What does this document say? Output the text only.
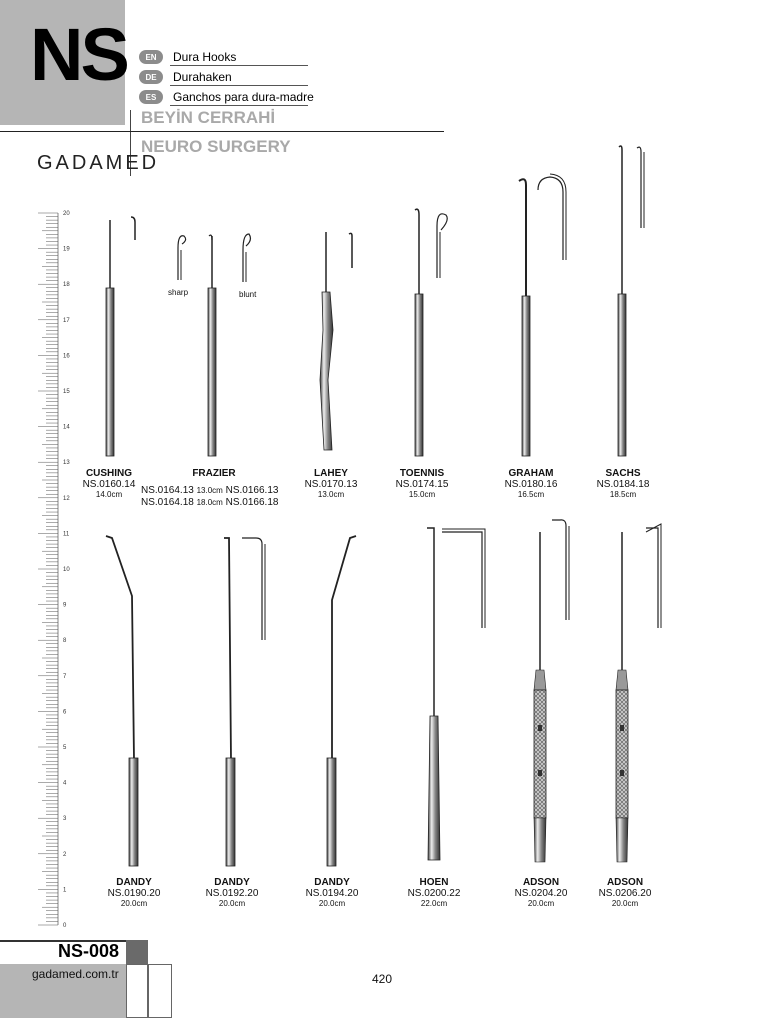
NS	EN	Dura Hooks
DE	Durahaken
ES	Ganchos para dura-madre
BEYİN CERRAHİ
NEURO SURGERY
GADAMED
20
19
18
17
16
15
14
13
12
11
10
9
8
7
6
5
4
3
2
1
0
sharp	blunt
CUSHING
NS.0160.14
14.0cm
FRAZIER
NS.0164.13 13.0cm NS.0166.13
NS.0164.18 18.0cm NS.0166.18
LAHEY
NS.0170.13
13.0cm
TOENNIS
NS.0174.15
15.0cm
GRAHAM
NS.0180.16
16.5cm
SACHS
NS.0184.18
18.5cm
DANDY
NS.0190.20
20.0cm
DANDY
NS.0192.20
20.0cm
DANDY
NS.0194.20
20.0cm
HOEN
NS.0200.22
22.0cm
ADSON
NS.0204.20
20.0cm
ADSON
NS.0206.20
20.0cm
NS-008
gadamed.com.tr	420
